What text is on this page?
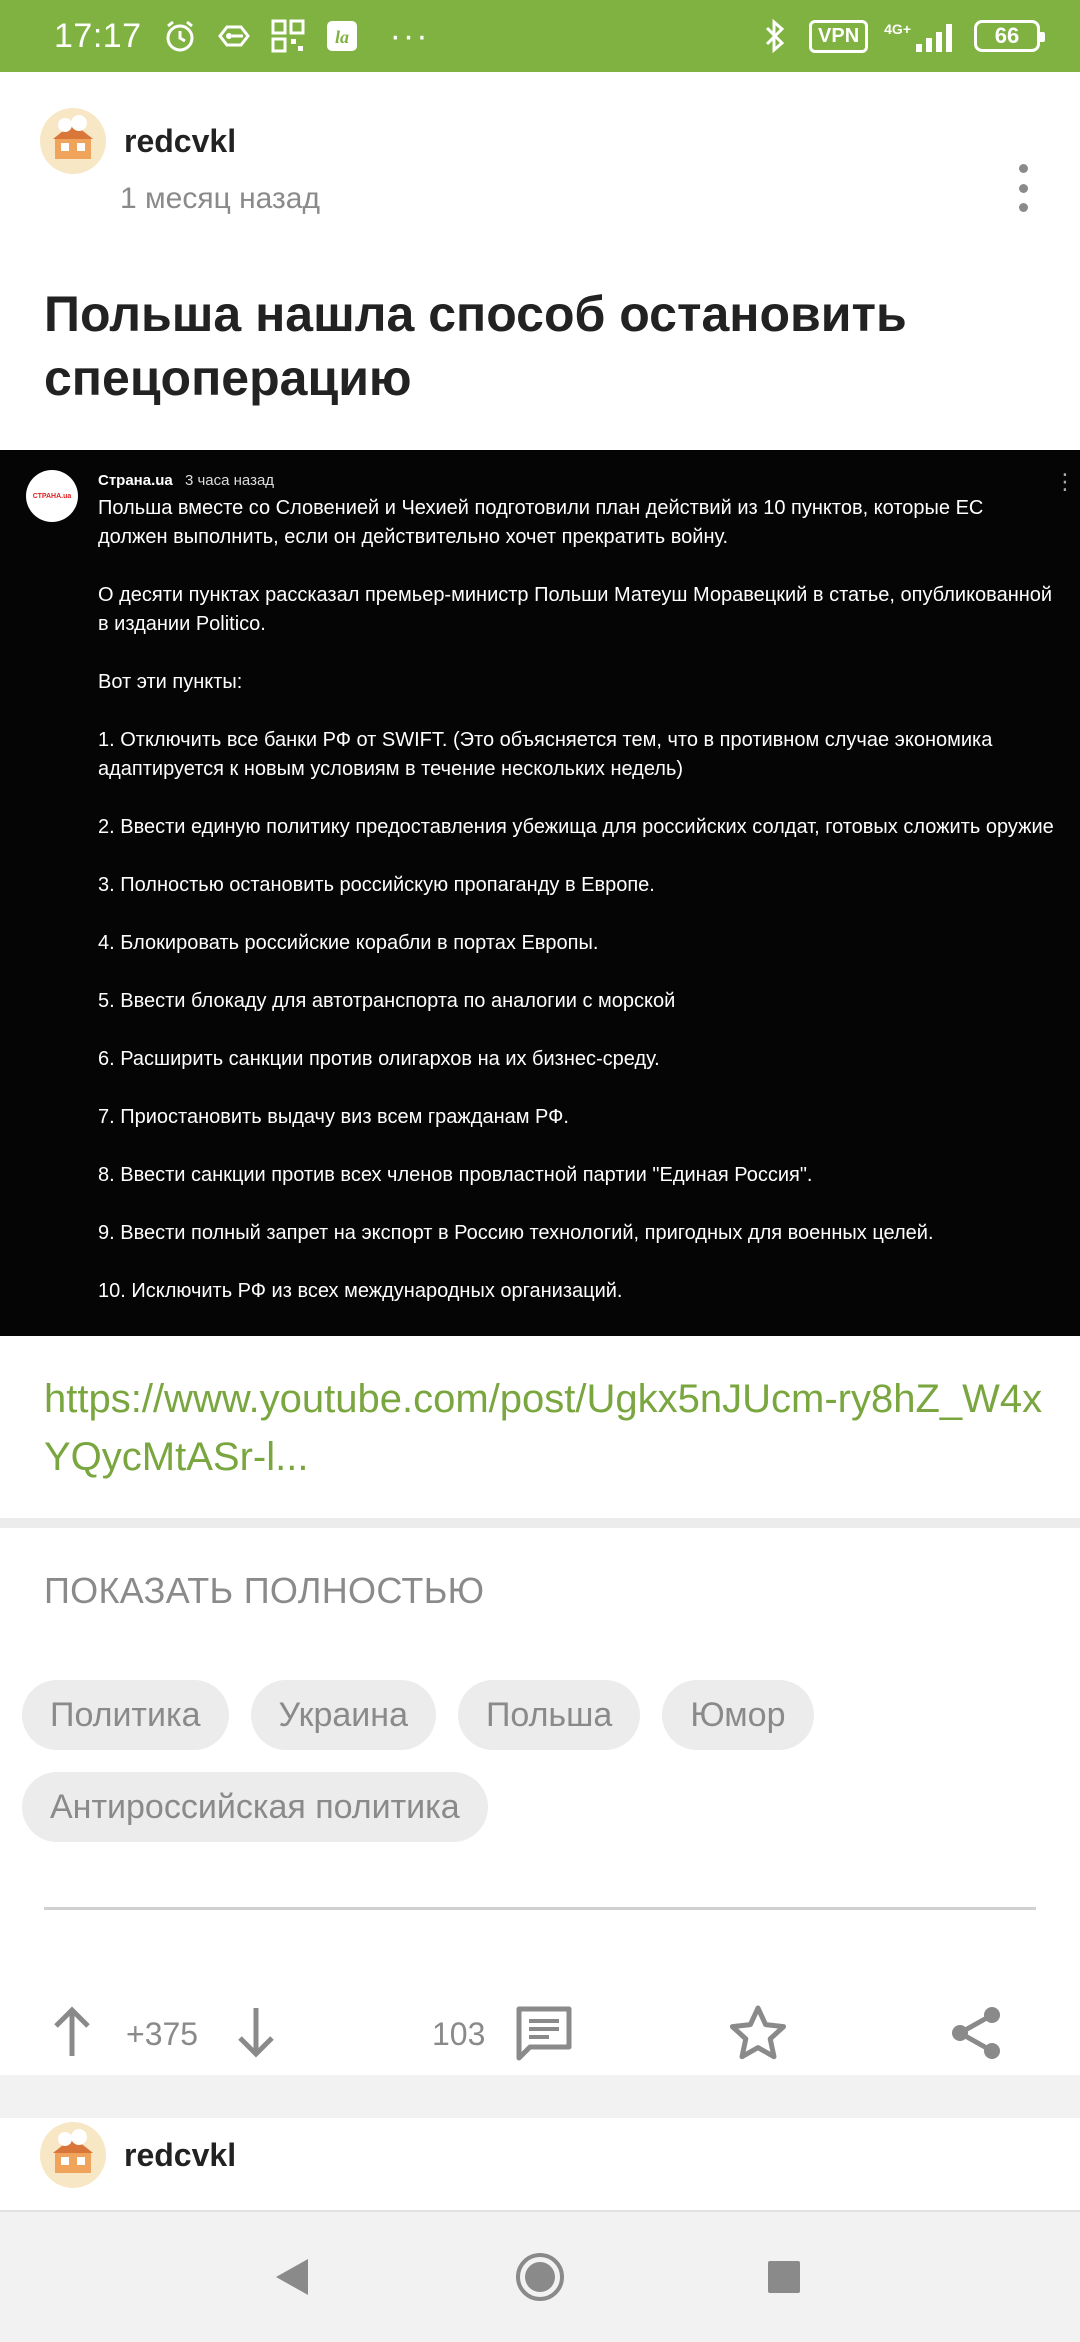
17:17	la ···	VPN	4G+	66
redcvkl
1 месяц назад
Польша нашла способ остановить спецоперацию
СТРАНА.ua
Страна.ua 3 часа назад	⋮

Польша вместе со Словенией и Чехией подготовили план действий из 10 пунктов, которые ЕС должен выполнить, если он действительно хочет прекратить войну.

О десяти пунктах рассказал премьер-министр Польши Матеуш Моравецкий в статье, опубликованной в издании Politico.

Вот эти пункты:

1. Отключить все банки РФ от SWIFT. (Это объясняется тем, что в противном случае экономика адаптируется к новым условиям в течение нескольких недель)

2. Ввести единую политику предоставления убежища для российских солдат, готовых сложить оружие

3. Полностью остановить российскую пропаганду в Европе.

4. Блокировать российские корабли в портах Европы.

5. Ввести блокаду для автотранспорта по аналогии с морской

6. Расширить санкции против олигархов на их бизнес-среду.

7. Приостановить выдачу виз всем гражданам РФ.

8. Ввести санкции против всех членов провластной партии "Единая Россия".

9. Ввести полный запрет на экспорт в Россию технологий, пригодных для военных целей.

10. Исключить РФ из всех международных организаций.

https://www.youtube.com/post/Ugkx5nJUcm-ry8hZ_W4xYQycMtASr-l...
ПОКАЗАТЬ ПОЛНОСТЬЮ
Политика	Украина	Польша	Юмор
Антироссийская политика
+375	103
redcvkl
